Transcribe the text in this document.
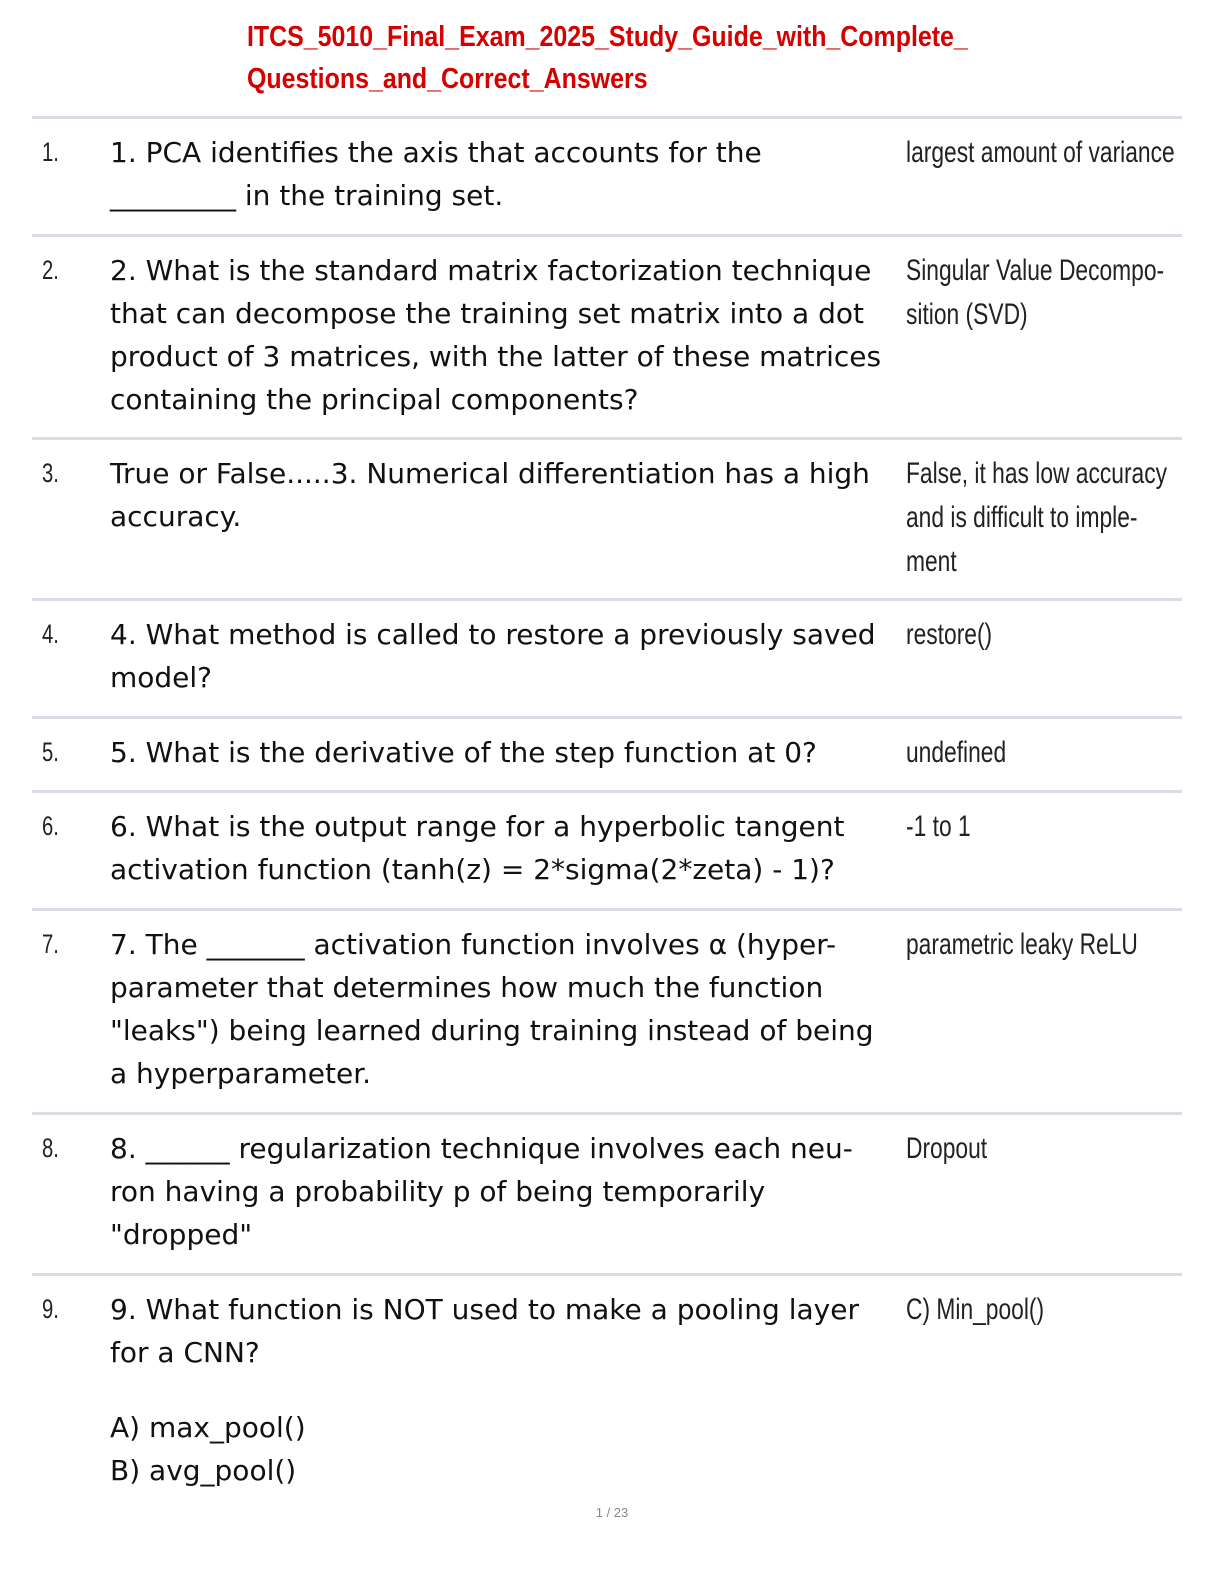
ITCS_5010_Final_Exam_2025_Study_Guide_with_Complete_
Questions_and_Correct_Answers
1. 1. PCA identifies the axis that accounts for the

_________ in the training set.

largest amount of variance
2. 2. What is the standard matrix factorization technique

that can decompose the training set matrix into a dot

product of 3 matrices, with the latter of these matrices

containing the principal components?

Singular Value Decompo-
sition (SVD)
3. True or False.....3. Numerical differentiation has a high

accuracy.

False, it has low accuracy
and is difficult to imple-
ment
4. 4. What method is called to restore a previously saved

model?

restore()
5. 5. What is the derivative of the step function at 0?	undefined
6. 6. What is the output range for a hyperbolic tangent

activation function (tanh(z) = 2*sigma(2*zeta) - 1)?

-1 to 1
7. 7. The _______ activation function involves α (hyper-

parameter that determines how much the function

"leaks") being learned during training instead of being

a hyperparameter.

parametric leaky ReLU
8. 8. ______ regularization technique involves each neu-

ron having a probability p of being temporarily

"dropped"

Dropout
9. 9. What function is NOT used to make a pooling layer

for a CNN?

A) max_pool()

B) avg_pool()

C) Min_pool()
1 / 23
